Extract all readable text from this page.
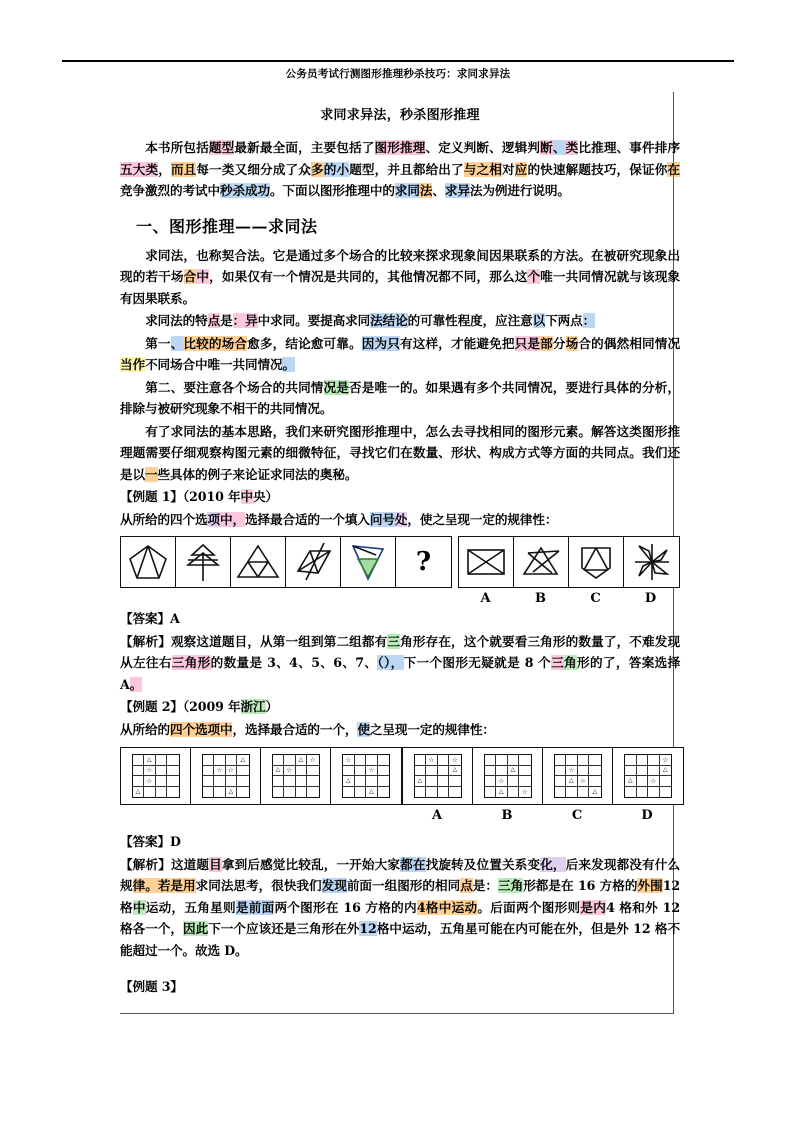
公务员考试行测图形推理秒杀技巧：求同求异法
求同求异法，秒杀图形推理

本书所包括题型最新最全面，主要包括了图形推理、定义判断、逻辑判断、类比推理、事件排序五大类，而且每一类又细分成了众多的小题型，并且都给出了与之相对应的快速解题技巧，保证你在竞争激烈的考试中秒杀成功。下面以图形推理中的求同法、求异法为例进行说明。

一、图形推理——求同法

求同法，也称契合法。它是通过多个场合的比较来探求现象间因果联系的方法。在被研究现象出现的若干场合中，如果仅有一个情况是共同的，其他情况都不同，那么这个唯一共同情况就与该现象有因果联系。

求同法的特点是：异中求同。要提高求同法结论的可靠性程度，应注意以下两点：

第一、比较的场合愈多，结论愈可靠。因为只有这样，才能避免把只是部分场合的偶然相同情况当作不同场合中唯一共同情况。

第二、要注意各个场合的共同情况是否是唯一的。如果遇有多个共同情况，要进行具体的分析，排除与被研究现象不相干的共同情况。

有了求同法的基本思路，我们来研究图形推理中，怎么去寻找相同的图形元素。解答这类图形推理题需要仔细观察构图元素的细微特征，寻找它们在数量、形状、构成方式等方面的共同点。我们还是以一些具体的例子来论证求同法的奥秘。

【例题 1】（2010 年中央）

从所给的四个选项中，选择最合适的一个填入问号处，使之呈现一定的规律性：

?
A	B	C	D

【答案】A

【解析】观察这道题目，从第一组到第二组都有三角形存在，这个就要看三角形的数量了，不难发现从左往右三角形的数量是 3、4、5、6、7、（），下一个图形无疑就是 8 个三角形的了，答案选择 A。

【例题 2】（2009 年浙江）

从所给的四个选项中，选择最合适的一个，使之呈现一定的规律性：

△
☆
☆
△
△
☆
☆
△
△
☆
△
☆
☆
☆
△
△
☆
☆
△
△
△
☆
△
☆
☆
△
☆
△
☆
△
△
☆
A	B	C	D

【答案】D

【解析】这道题目拿到后感觉比较乱，一开始大家都在找旋转及位置关系变化，后来发现都没有什么规律。若是用求同法思考，很快我们发现前面一组图形的相同点是：三角形都是在 16 方格的外围12 格中运动，五角星则是前面两个图形在 16 方格的内4格中运动。后面两个图形则是内4 格和外 12 格各一个，因此下一个应该还是三角形在外12格中运动，五角星可能在内可能在外，但是外 12 格不能超过一个。故选 D。

【例题 3】
